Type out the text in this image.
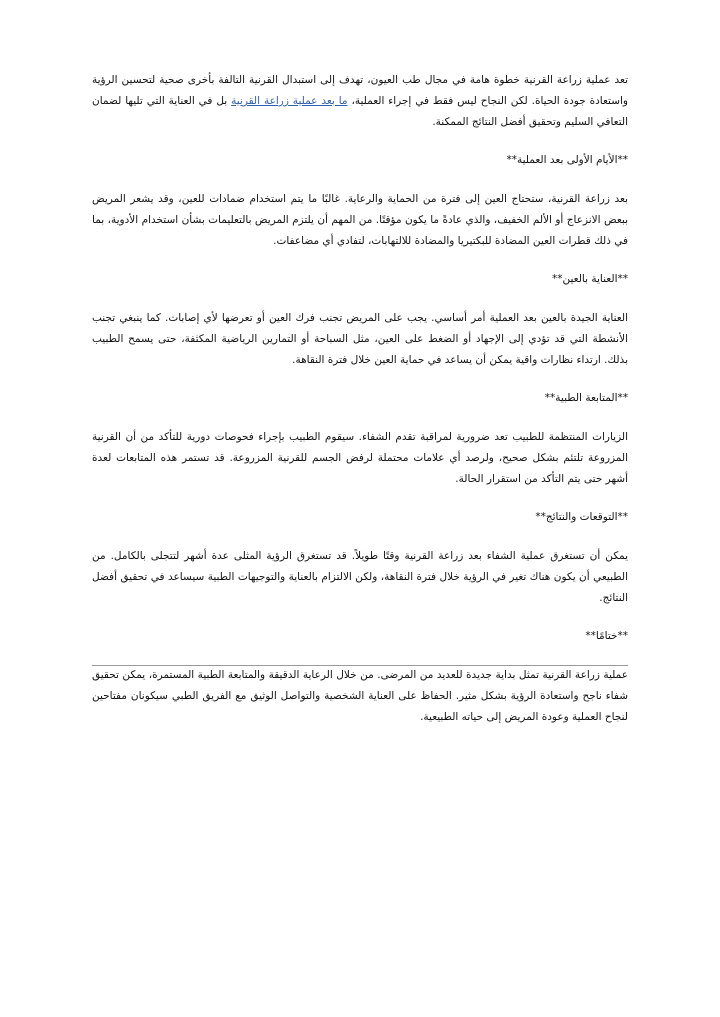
تعد عملية زراعة القرنية خطوة هامة في مجال طب العيون، تهدف إلى استبدال القرنية التالفة بأخرى صحية لتحسين الرؤية واستعادة جودة الحياة. لكن النجاح ليس فقط في إجراء العملية، ما بعد عملية زراعة القرنية بل في العناية التي تليها لضمان التعافي السليم وتحقيق أفضل النتائج الممكنة.

**الأيام الأولى بعد العملية**

بعد زراعة القرنية، ستحتاج العين إلى فترة من الحماية والرعاية. غالبًا ما يتم استخدام ضمادات للعين، وقد يشعر المريض ببعض الانزعاج أو الألم الخفيف، والذي عادةً ما يكون مؤقتًا. من المهم أن يلتزم المريض بالتعليمات بشأن استخدام الأدوية، بما في ذلك قطرات العين المضادة للبكتيريا والمضادة للالتهابات، لتفادي أي مضاعفات.

**العناية بالعين**

العناية الجيدة بالعين بعد العملية أمر أساسي. يجب على المريض تجنب فرك العين أو تعرضها لأي إصابات. كما ينبغي تجنب الأنشطة التي قد تؤدي إلى الإجهاد أو الضغط على العين، مثل السباحة أو التمارين الرياضية المكثفة، حتى يسمح الطبيب بذلك. ارتداء نظارات واقية يمكن أن يساعد في حماية العين خلال فترة النقاهة.

**المتابعة الطبية**

الزيارات المنتظمة للطبيب تعد ضرورية لمراقبة تقدم الشفاء. سيقوم الطبيب بإجراء فحوصات دورية للتأكد من أن القرنية المزروعة تلتئم بشكل صحيح، ولرصد أي علامات محتملة لرفض الجسم للقرنية المزروعة. قد تستمر هذه المتابعات لعدة أشهر حتى يتم التأكد من استقرار الحالة.

**التوقعات والنتائج**

يمكن أن تستغرق عملية الشفاء بعد زراعة القرنية وقتًا طويلاً. قد تستغرق الرؤية المثلى عدة أشهر لتتجلى بالكامل. من الطبيعي أن يكون هناك تغير في الرؤية خلال فترة النقاهة، ولكن الالتزام بالعناية والتوجيهات الطبية سيساعد في تحقيق أفضل النتائج.

**ختامًا**

عملية زراعة القرنية تمثل بداية جديدة للعديد من المرضى. من خلال الرعاية الدقيقة والمتابعة الطبية المستمرة، يمكن تحقيق شفاء ناجح واستعادة الرؤية بشكل مثير. الحفاظ على العناية الشخصية والتواصل الوثيق مع الفريق الطبي سيكونان مفتاحين لنجاح العملية وعودة المريض إلى حياته الطبيعية.
